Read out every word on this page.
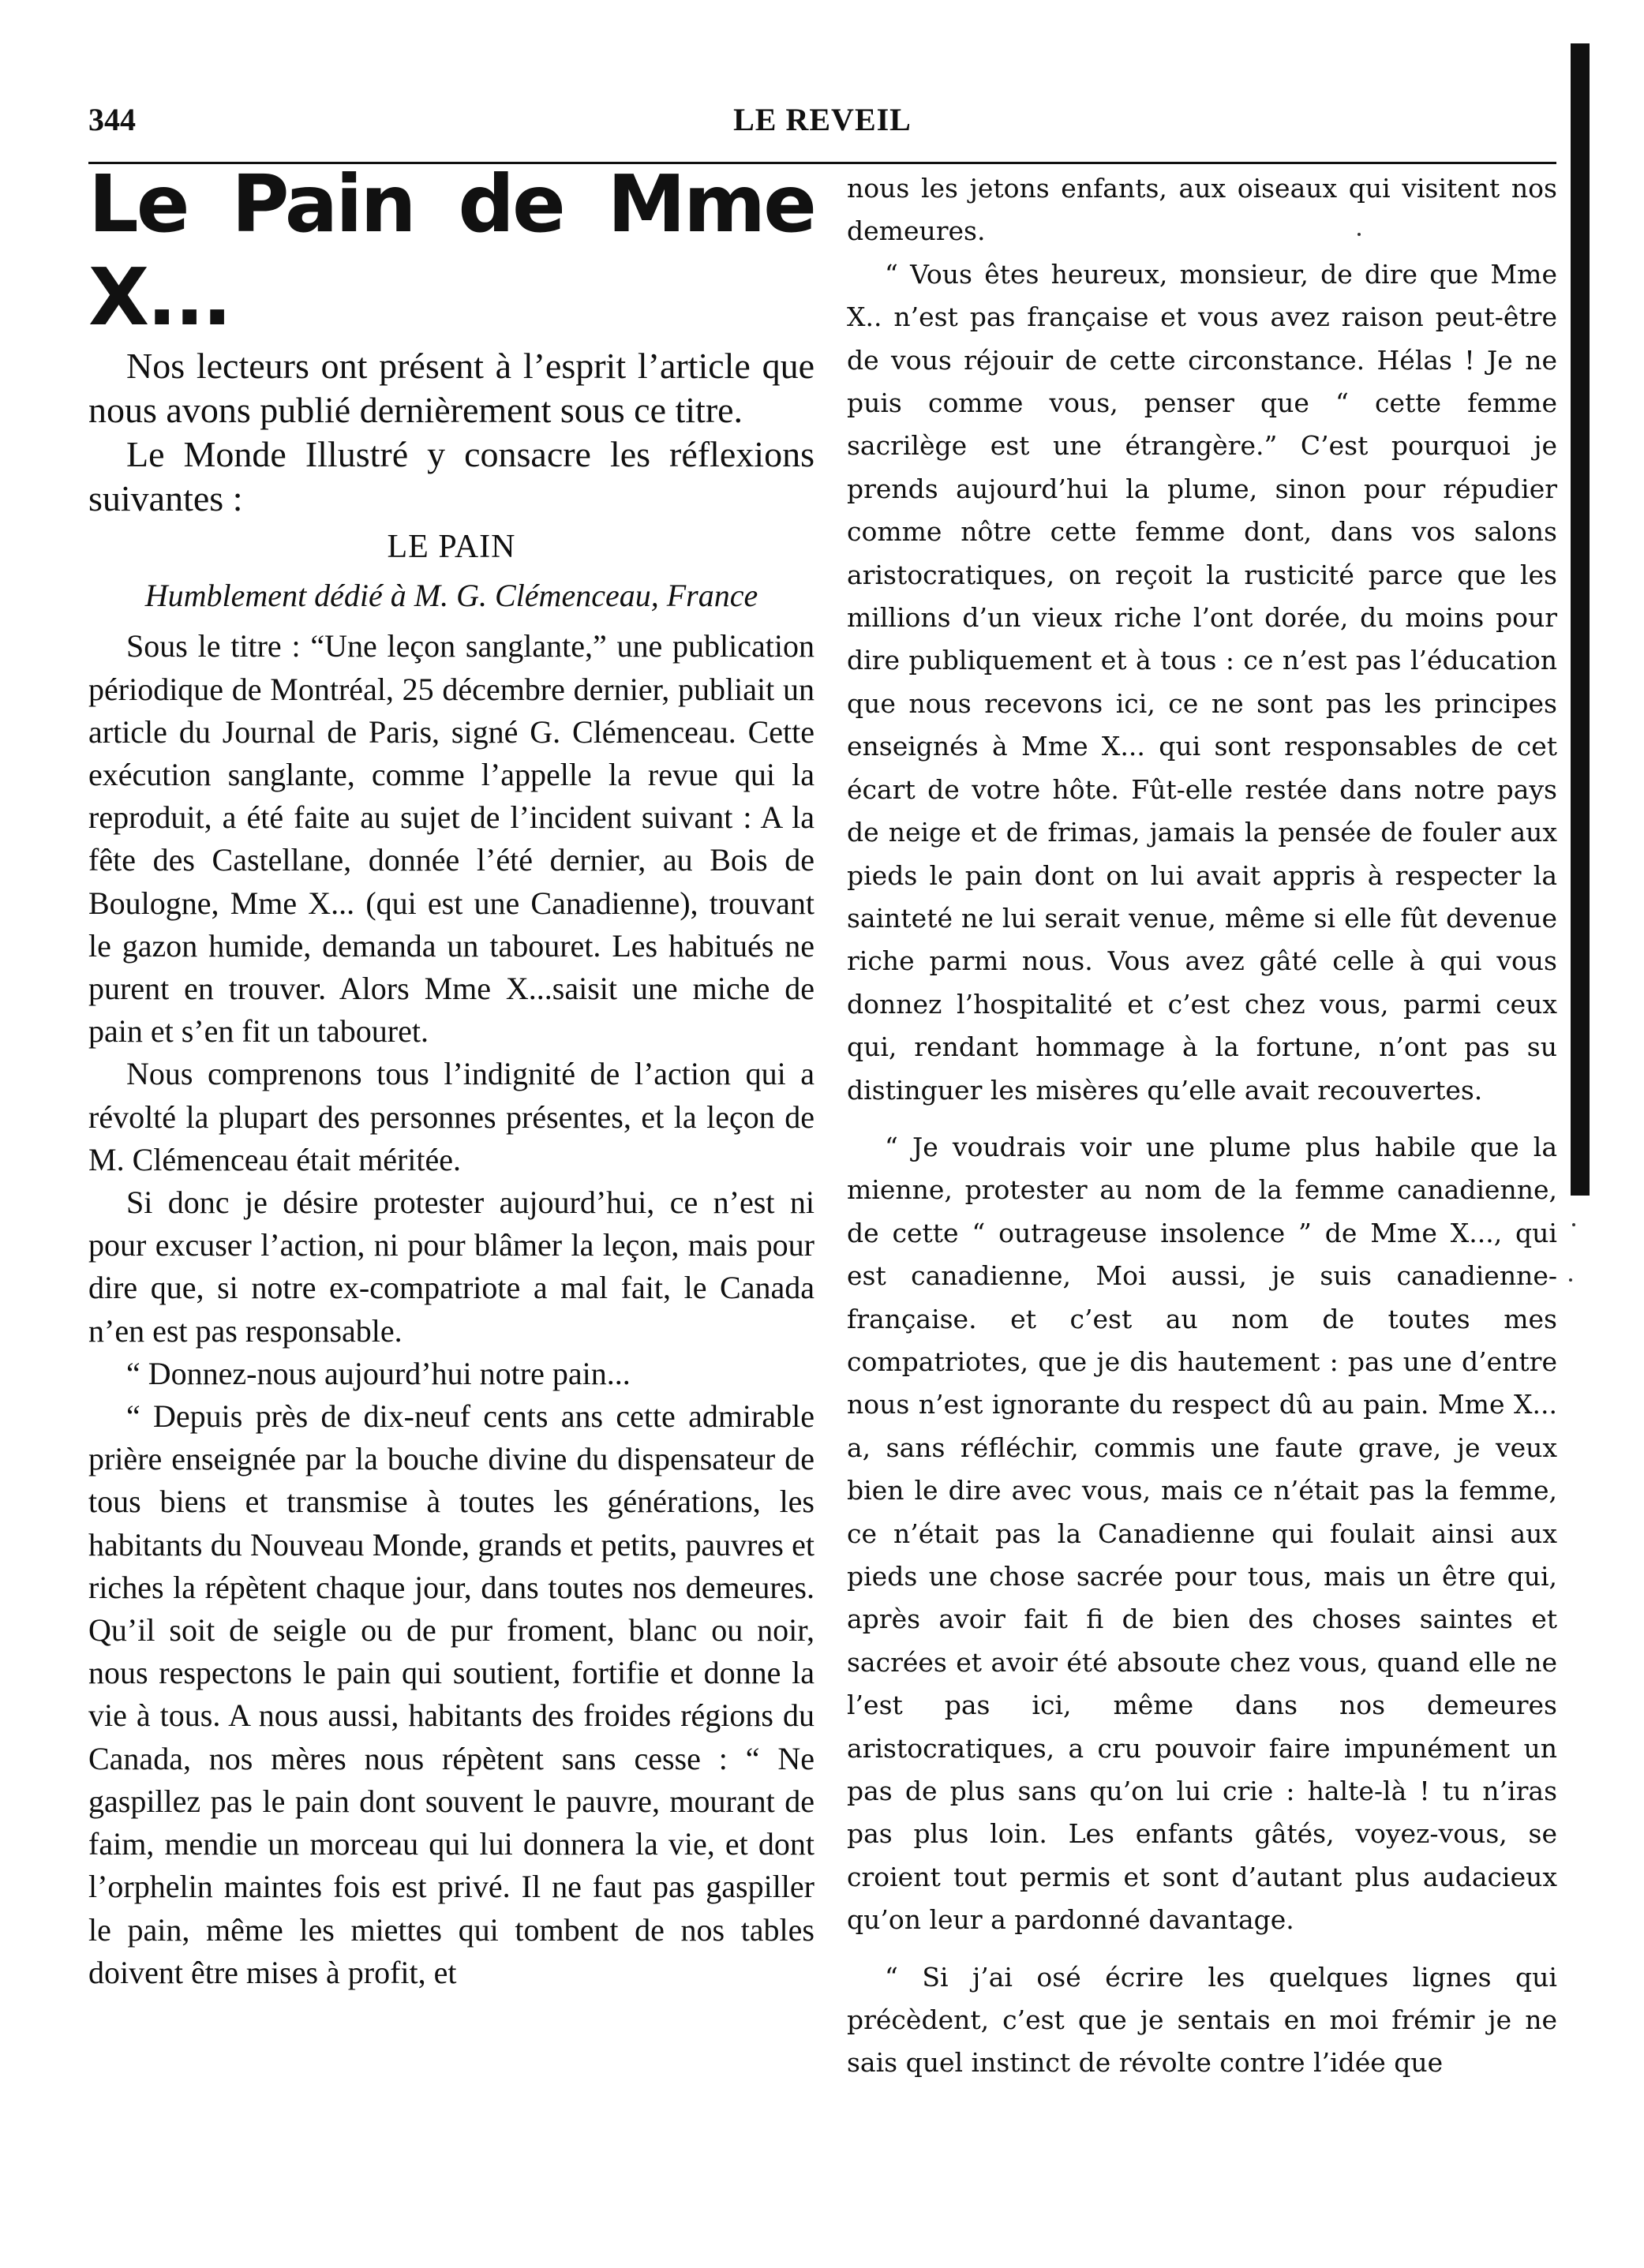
344	LE REVEIL

Le Pain de Mme X...

Nos lecteurs ont présent à l’esprit l’article que nous avons publié dernièrement sous ce titre.

Le Monde Illustré y consacre les réflexions suivantes :

LE PAIN

Humblement dédié à M. G. Clémenceau, France

Sous le titre : “Une leçon sanglante,” une publication périodique de Montréal, 25 décembre dernier, publiait un article du Journal de Paris, signé G. Clémenceau. Cette exécution sanglante, comme l’appelle la revue qui la reproduit, a été faite au sujet de l’incident suivant : A la fête des Castellane, donnée l’été dernier, au Bois de Boulogne, Mme X... (qui est une Canadienne), trouvant le gazon humide, demanda un tabouret. Les habitués ne purent en trouver. Alors Mme X...saisit une miche de pain et s’en fit un tabouret.

Nous comprenons tous l’indignité de l’action qui a révolté la plupart des personnes présentes, et la leçon de M. Clémenceau était méritée.

Si donc je désire protester aujourd’hui, ce n’est ni pour excuser l’action, ni pour blâmer la leçon, mais pour dire que, si notre ex-compatriote a mal fait, le Canada n’en est pas responsable.

“ Donnez-nous aujourd’hui notre pain...

“ Depuis près de dix-neuf cents ans cette admirable prière enseignée par la bouche divine du dispensateur de tous biens et transmise à toutes les générations, les habitants du Nouveau Monde, grands et petits, pauvres et riches la répètent chaque jour, dans toutes nos demeures. Qu’il soit de seigle ou de pur froment, blanc ou noir, nous respectons le pain qui soutient, fortifie et donne la vie à tous. A nous aussi, habitants des froides régions du Canada, nos mères nous répètent sans cesse : “ Ne gaspillez pas le pain dont souvent le pauvre, mourant de faim, mendie un morceau qui lui donnera la vie, et dont l’orphelin maintes fois est privé. Il ne faut pas gaspiller le pain, même les miettes qui tombent de nos tables doivent être mises à profit, et

nous les jetons enfants, aux oiseaux qui visitent nos demeures.

“ Vous êtes heureux, monsieur, de dire que Mme X.. n’est pas française et vous avez raison peut-être de vous réjouir de cette circonstance. Hélas ! Je ne puis comme vous, penser que “ cette femme sacrilège est une étrangère.” C’est pourquoi je prends aujourd’hui la plume, sinon pour répudier comme nôtre cette femme dont, dans vos salons aristocratiques, on reçoit la rusticité parce que les millions d’un vieux riche l’ont dorée, du moins pour dire publiquement et à tous : ce n’est pas l’éducation que nous recevons ici, ce ne sont pas les principes enseignés à Mme X... qui sont responsables de cet écart de votre hôte. Fût-elle restée dans notre pays de neige et de frimas, jamais la pensée de fouler aux pieds le pain dont on lui avait appris à respecter la sainteté ne lui serait venue, même si elle fût devenue riche parmi nous. Vous avez gâté celle à qui vous donnez l’hospitalité et c’est chez vous, parmi ceux qui, rendant hommage à la fortune, n’ont pas su distinguer les misères qu’elle avait recouvertes.

“ Je voudrais voir une plume plus habile que la mienne, protester au nom de la femme canadienne, de cette “ outrageuse insolence ” de Mme X..., qui est canadienne, Moi aussi, je suis canadienne-française. et c’est au nom de toutes mes compatriotes, que je dis hautement : pas une d’entre nous n’est ignorante du respect dû au pain. Mme X... a, sans réfléchir, commis une faute grave, je veux bien le dire avec vous, mais ce n’était pas la femme, ce n’était pas la Canadienne qui foulait ainsi aux pieds une chose sacrée pour tous, mais un être qui, après avoir fait fi de bien des choses saintes et sacrées et avoir été absoute chez vous, quand elle ne l’est pas ici, même dans nos demeures aristocratiques, a cru pouvoir faire impunément un pas de plus sans qu’on lui crie : halte-là ! tu n’iras pas plus loin. Les enfants gâtés, voyez-vous, se croient tout permis et sont d’autant plus audacieux qu’on leur a pardonné davantage.

“ Si j’ai osé écrire les quelques lignes qui précèdent, c’est que je sentais en moi frémir je ne sais quel instinct de révolte contre l’idée que
